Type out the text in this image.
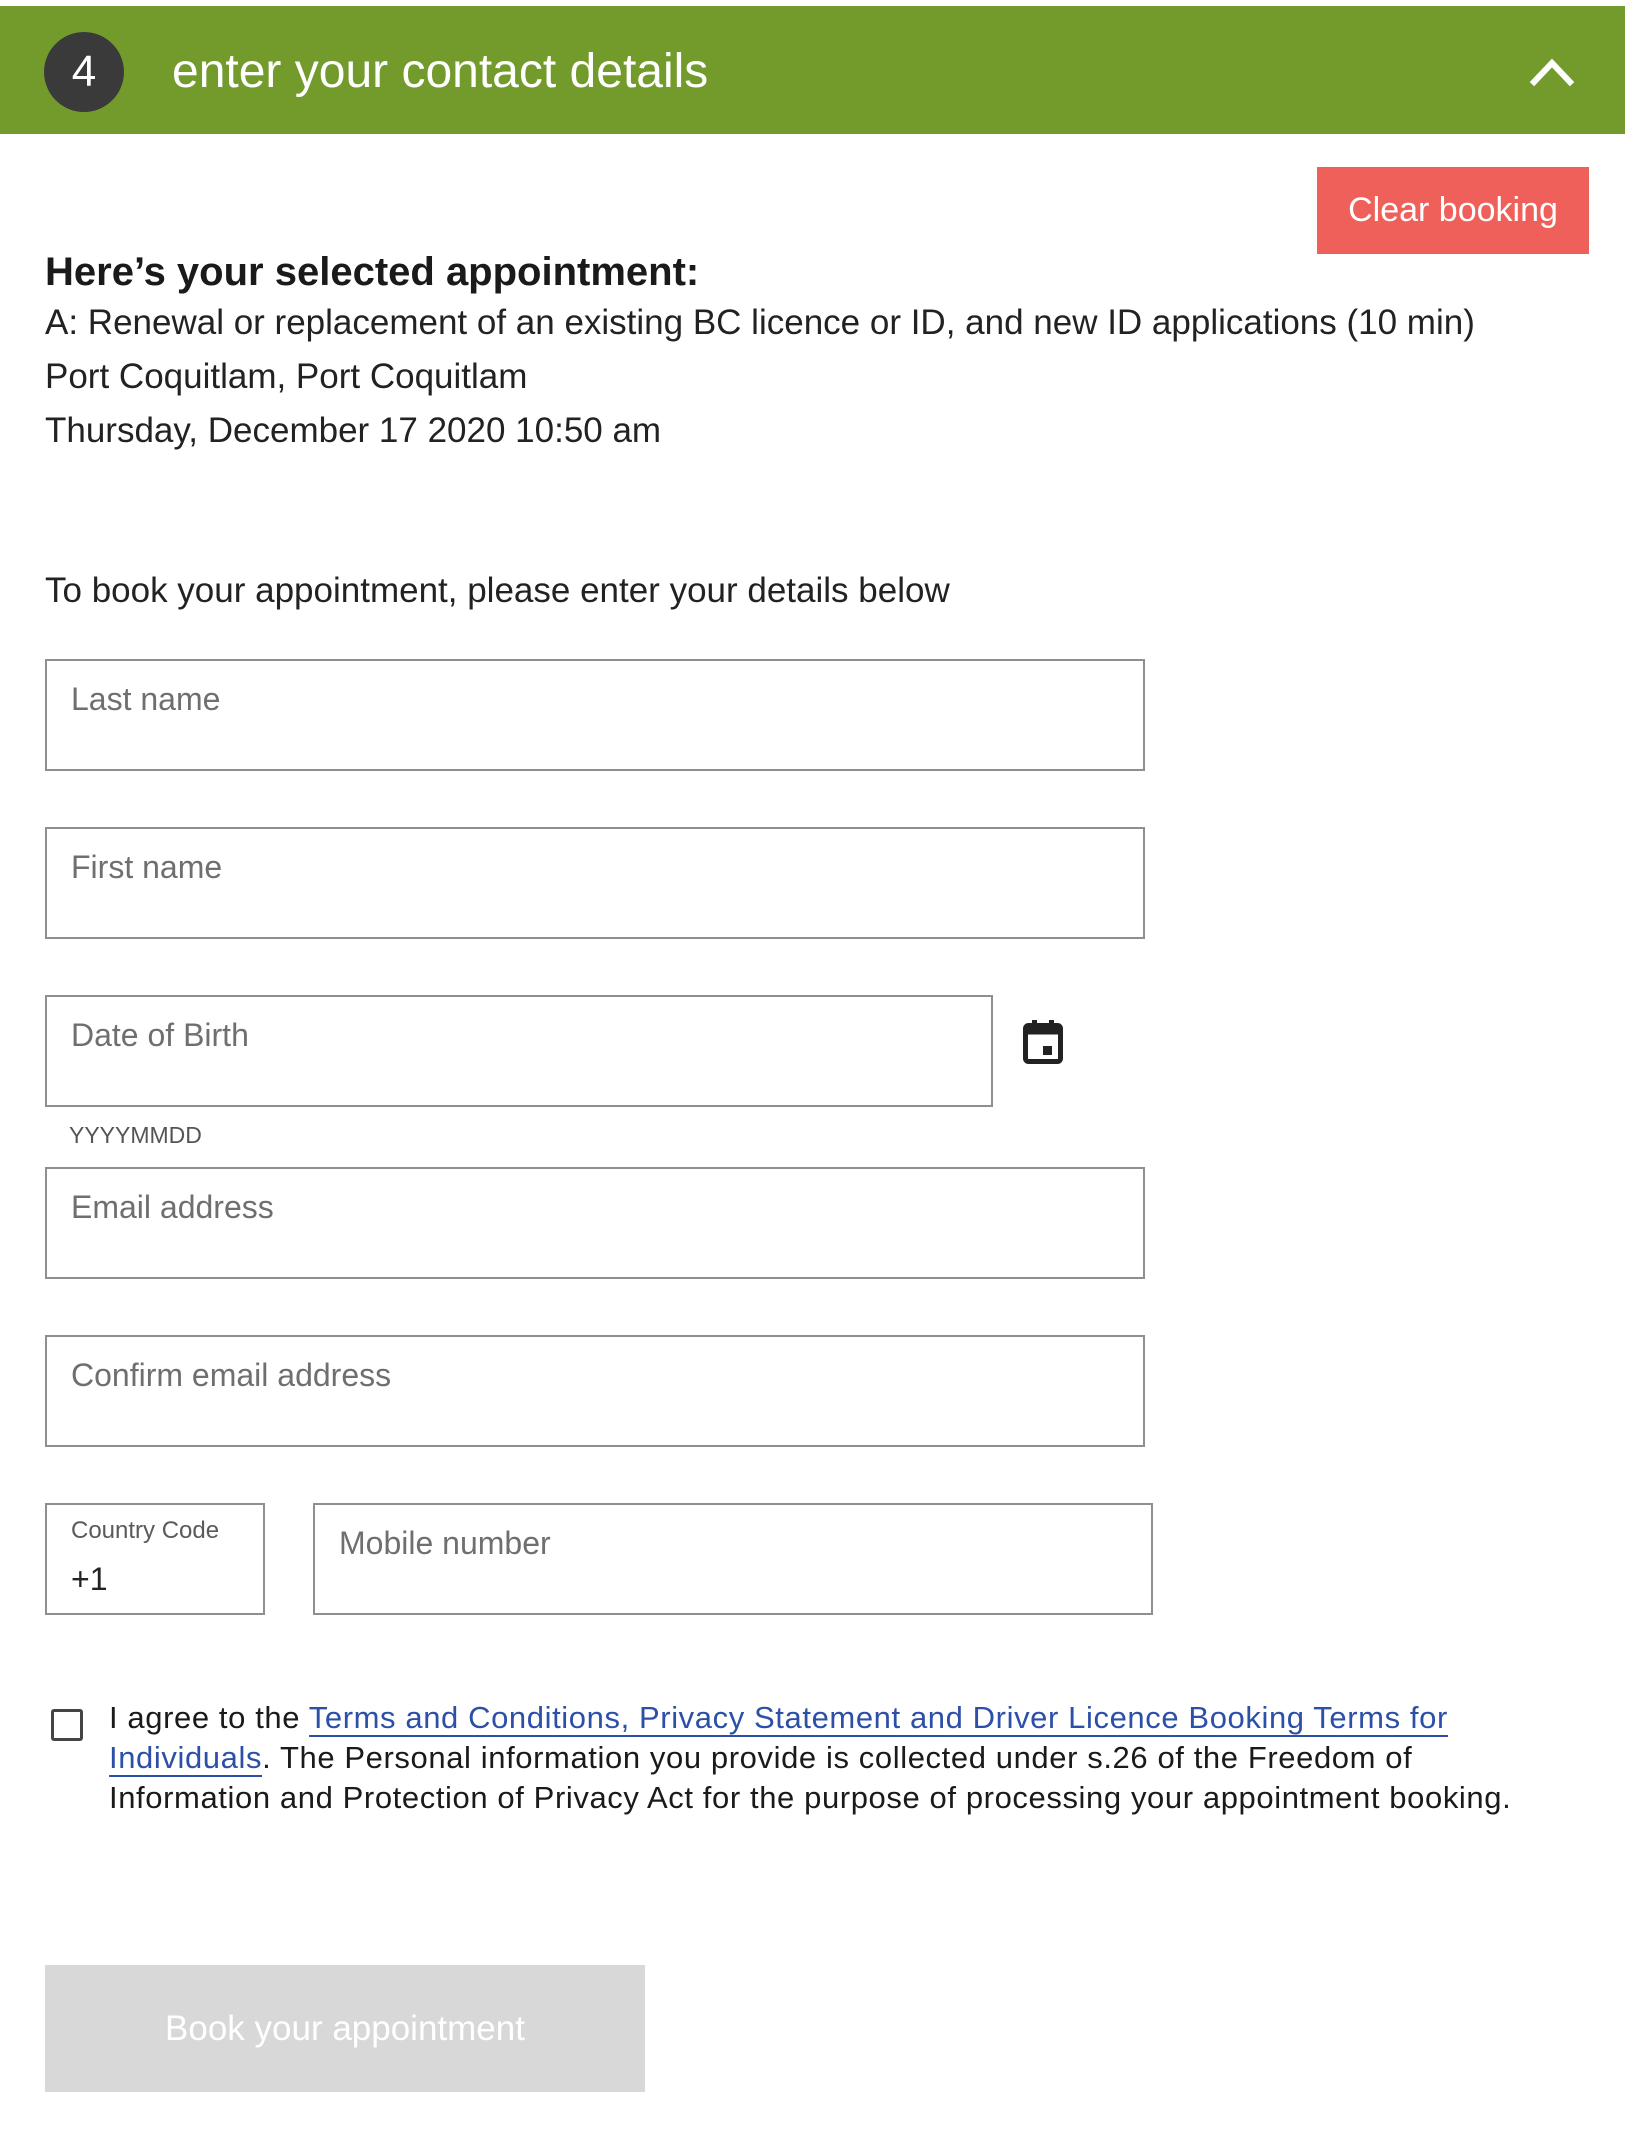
4	enter your contact details
Clear booking
Here’s your selected appointment:
A: Renewal or replacement of an existing BC licence or ID, and new ID applications (10 min)
Port Coquitlam, Port Coquitlam
Thursday, December 17 2020 10:50 am
To book your appointment, please enter your details below
Last name
First name
Date of Birth
YYYYMMDD
Email address
Confirm email address
Country Code
+1
Mobile number
I agree to the Terms and Conditions, Privacy Statement and Driver Licence Booking Terms for Individuals. The Personal information you provide is collected under s.26 of the Freedom of Information and Protection of Privacy Act for the purpose of processing your appointment booking.
Book your appointment
